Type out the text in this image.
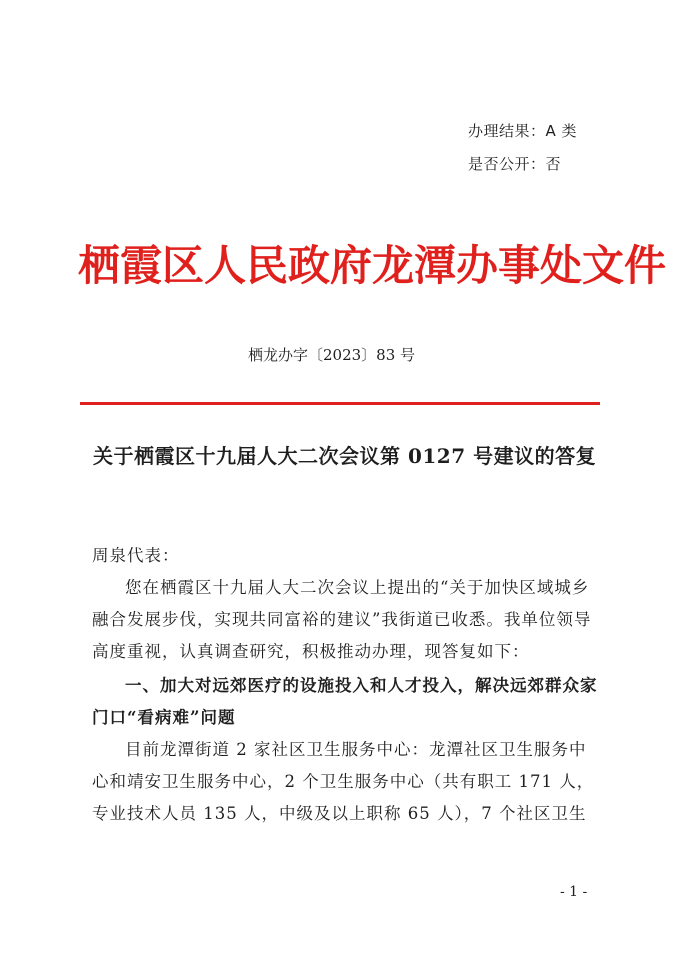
办理结果：A 类
是否公开：否
栖霞区人民政府龙潭办事处文件
栖龙办字〔2023〕83 号
关于栖霞区十九届人大二次会议第 0127 号建议的答复
周泉代表：
您在栖霞区十九届人大二次会议上提出的“关于加快区域城乡融合发展步伐，实现共同富裕的建议”我街道已收悉。我单位领导高度重视，认真调查研究，积极推动办理，现答复如下：
一、加大对远郊医疗的设施投入和人才投入，解决远郊群众家门口“看病难”问题
目前龙潭街道 2 家社区卫生服务中心：龙潭社区卫生服务中心和靖安卫生服务中心，2 个卫生服务中心（共有职工 171 人，专业技术人员 135 人，中级及以上职称 65 人），7 个社区卫生
- 1 -
